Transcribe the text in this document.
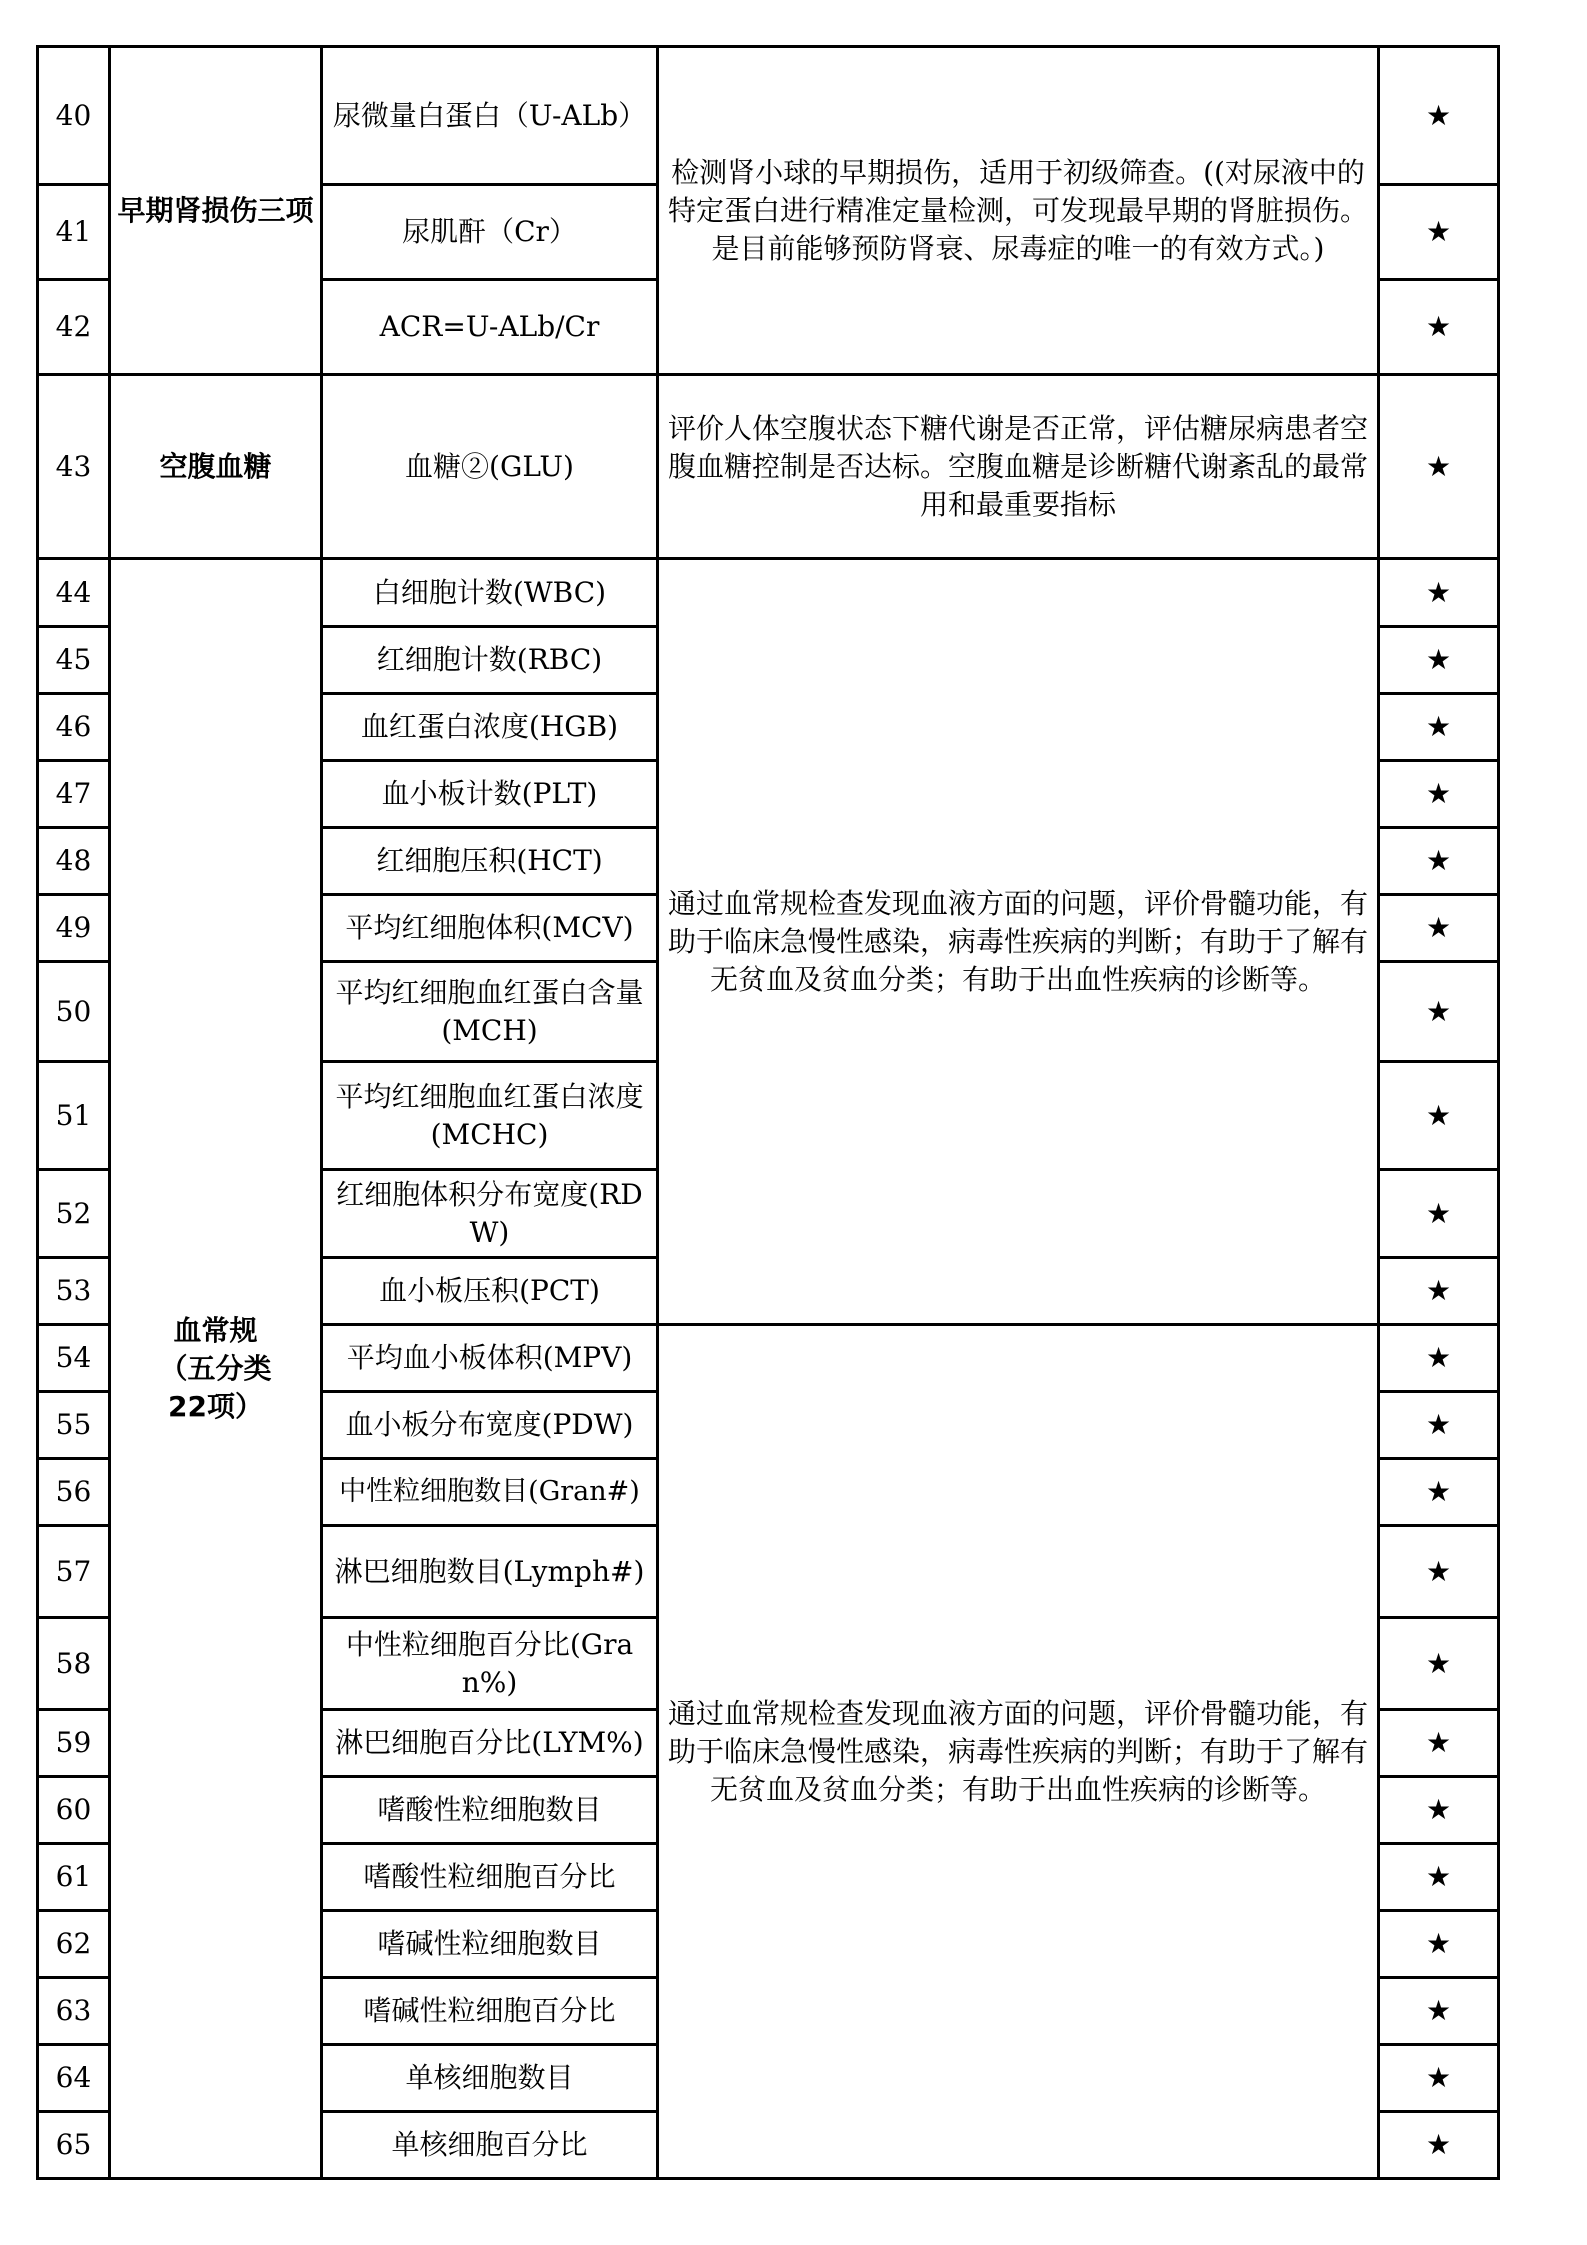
40	早期肾损伤三项	尿微量白蛋白（U-ALb）	检测肾小球的早期损伤，适用于初级筛查。((对尿液中的特定蛋白进行精准定量检测，可发现最早期的肾脏损伤。是目前能够预防肾衰、尿毒症的唯一的有效方式。)	★
41		尿肌酐（Cr）		★
42		ACR=U-ALb/Cr		★
43	空腹血糖	血糖②(GLU)	评价人体空腹状态下糖代谢是否正常，评估糖尿病患者空腹血糖控制是否达标。空腹血糖是诊断糖代谢紊乱的最常用和最重要指标	★
44	血常规（五分类22项）	白细胞计数(WBC)	通过血常规检查发现血液方面的问题，评价骨髓功能，有助于临床急慢性感染，病毒性疾病的判断；有助于了解有无贫血及贫血分类；有助于出血性疾病的诊断等。	★
45		红细胞计数(RBC)		★
46		血红蛋白浓度(HGB)		★
47		血小板计数(PLT)		★
48		红细胞压积(HCT)		★
49		平均红细胞体积(MCV)		★
50		平均红细胞血红蛋白含量(MCH)		★
51		平均红细胞血红蛋白浓度(MCHC)		★
52		红细胞体积分布宽度(RDW)		★
53		血小板压积(PCT)		★
54		平均血小板体积(MPV)	通过血常规检查发现血液方面的问题，评价骨髓功能，有助于临床急慢性感染，病毒性疾病的判断；有助于了解有无贫血及贫血分类；有助于出血性疾病的诊断等。	★
55		血小板分布宽度(PDW)		★
56		中性粒细胞数目(Gran#)		★
57		淋巴细胞数目(Lymph#)		★
58		中性粒细胞百分比(Gran%)		★
59		淋巴细胞百分比(LYM%)		★
60		嗜酸性粒细胞数目		★
61		嗜酸性粒细胞百分比		★
62		嗜碱性粒细胞数目		★
63		嗜碱性粒细胞百分比		★
64		单核细胞数目		★
65		单核细胞百分比		★
